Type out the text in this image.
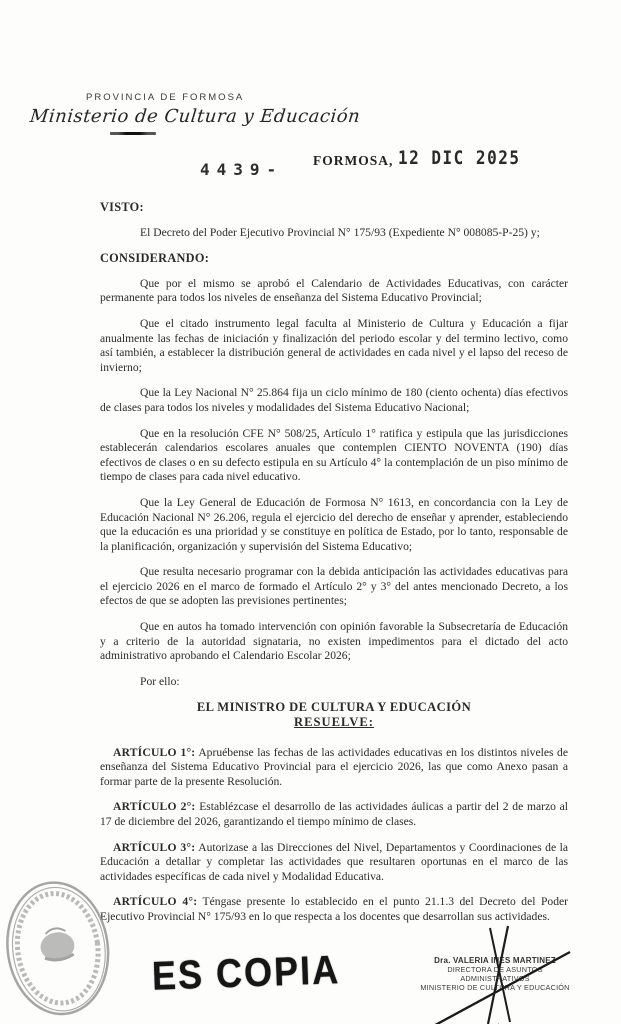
PROVINCIA DE FORMOSA
Ministerio de Cultura y Educación
4439- FORMOSA, 12 DIC 2025

VISTO:

El Decreto del Poder Ejecutivo Provincial N° 175/93 (Expediente N° 008085-P-25) y;

CONSIDERANDO:

Que por el mismo se aprobó el Calendario de Actividades Educativas, con carácter permanente para todos los niveles de enseñanza del Sistema Educativo Provincial;

Que el citado instrumento legal faculta al Ministerio de Cultura y Educación a fijar anualmente las fechas de iniciación y finalización del periodo escolar y del termino lectivo, como así también, a establecer la distribución general de actividades en cada nivel y el lapso del receso de invierno;

Que la Ley Nacional N° 25.864 fija un ciclo mínimo de 180 (ciento ochenta) días efectivos de clases para todos los niveles y modalidades del Sistema Educativo Nacional;

Que en la resolución CFE N° 508/25, Artículo 1° ratifica y estipula que las jurisdicciones establecerán calendarios escolares anuales que contemplen CIENTO NOVENTA (190) días efectivos de clases o en su defecto estipula en su Artículo 4° la contemplación de un piso mínimo de tiempo de clases para cada nivel educativo.

Que la Ley General de Educación de Formosa N° 1613, en concordancia con la Ley de Educación Nacional N° 26.206, regula el ejercicio del derecho de enseñar y aprender, estableciendo que la educación es una prioridad y se constituye en política de Estado, por lo tanto, responsable de la planificación, organización y supervisión del Sistema Educativo;

Que resulta necesario programar con la debida anticipación las actividades educativas para el ejercicio 2026 en el marco de formado el Artículo 2° y 3° del antes mencionado Decreto, a los efectos de que se adopten las previsiones pertinentes;

Que en autos ha tomado intervención con opinión favorable la Subsecretaría de Educación y a criterio de la autoridad signataria, no existen impedimentos para el dictado del acto administrativo aprobando el Calendario Escolar 2026;

Por ello:

EL MINISTRO DE CULTURA Y EDUCACIÓN
RESUELVE:

ARTÍCULO 1°: Apruébense las fechas de las actividades educativas en los distintos niveles de enseñanza del Sistema Educativo Provincial para el ejercicio 2026, las que como Anexo pasan a formar parte de la presente Resolución.

ARTÍCULO 2°: Establézcase el desarrollo de las actividades áulicas a partir del 2 de marzo al 17 de diciembre del 2026, garantizando el tiempo mínimo de clases.

ARTÍCULO 3°: Autorizase a las Direcciones del Nivel, Departamentos y Coordinaciones de la Educación a detallar y completar las actividades que resultaren oportunas en el marco de las actividades específicas de cada nivel y Modalidad Educativa.

ARTÍCULO 4°: Téngase presente lo establecido en el punto 21.1.3 del Decreto del Poder Ejecutivo Provincial N° 175/93 en lo que respecta a los docentes que desarrollan sus actividades.

ES COPIA	Dra. VALERIA INES MARTINEZ
DIRECTORA DE ASUNTOS
ADMINISTRATIVOS
MINISTERIO DE CULTURA Y EDUCACIÓN
